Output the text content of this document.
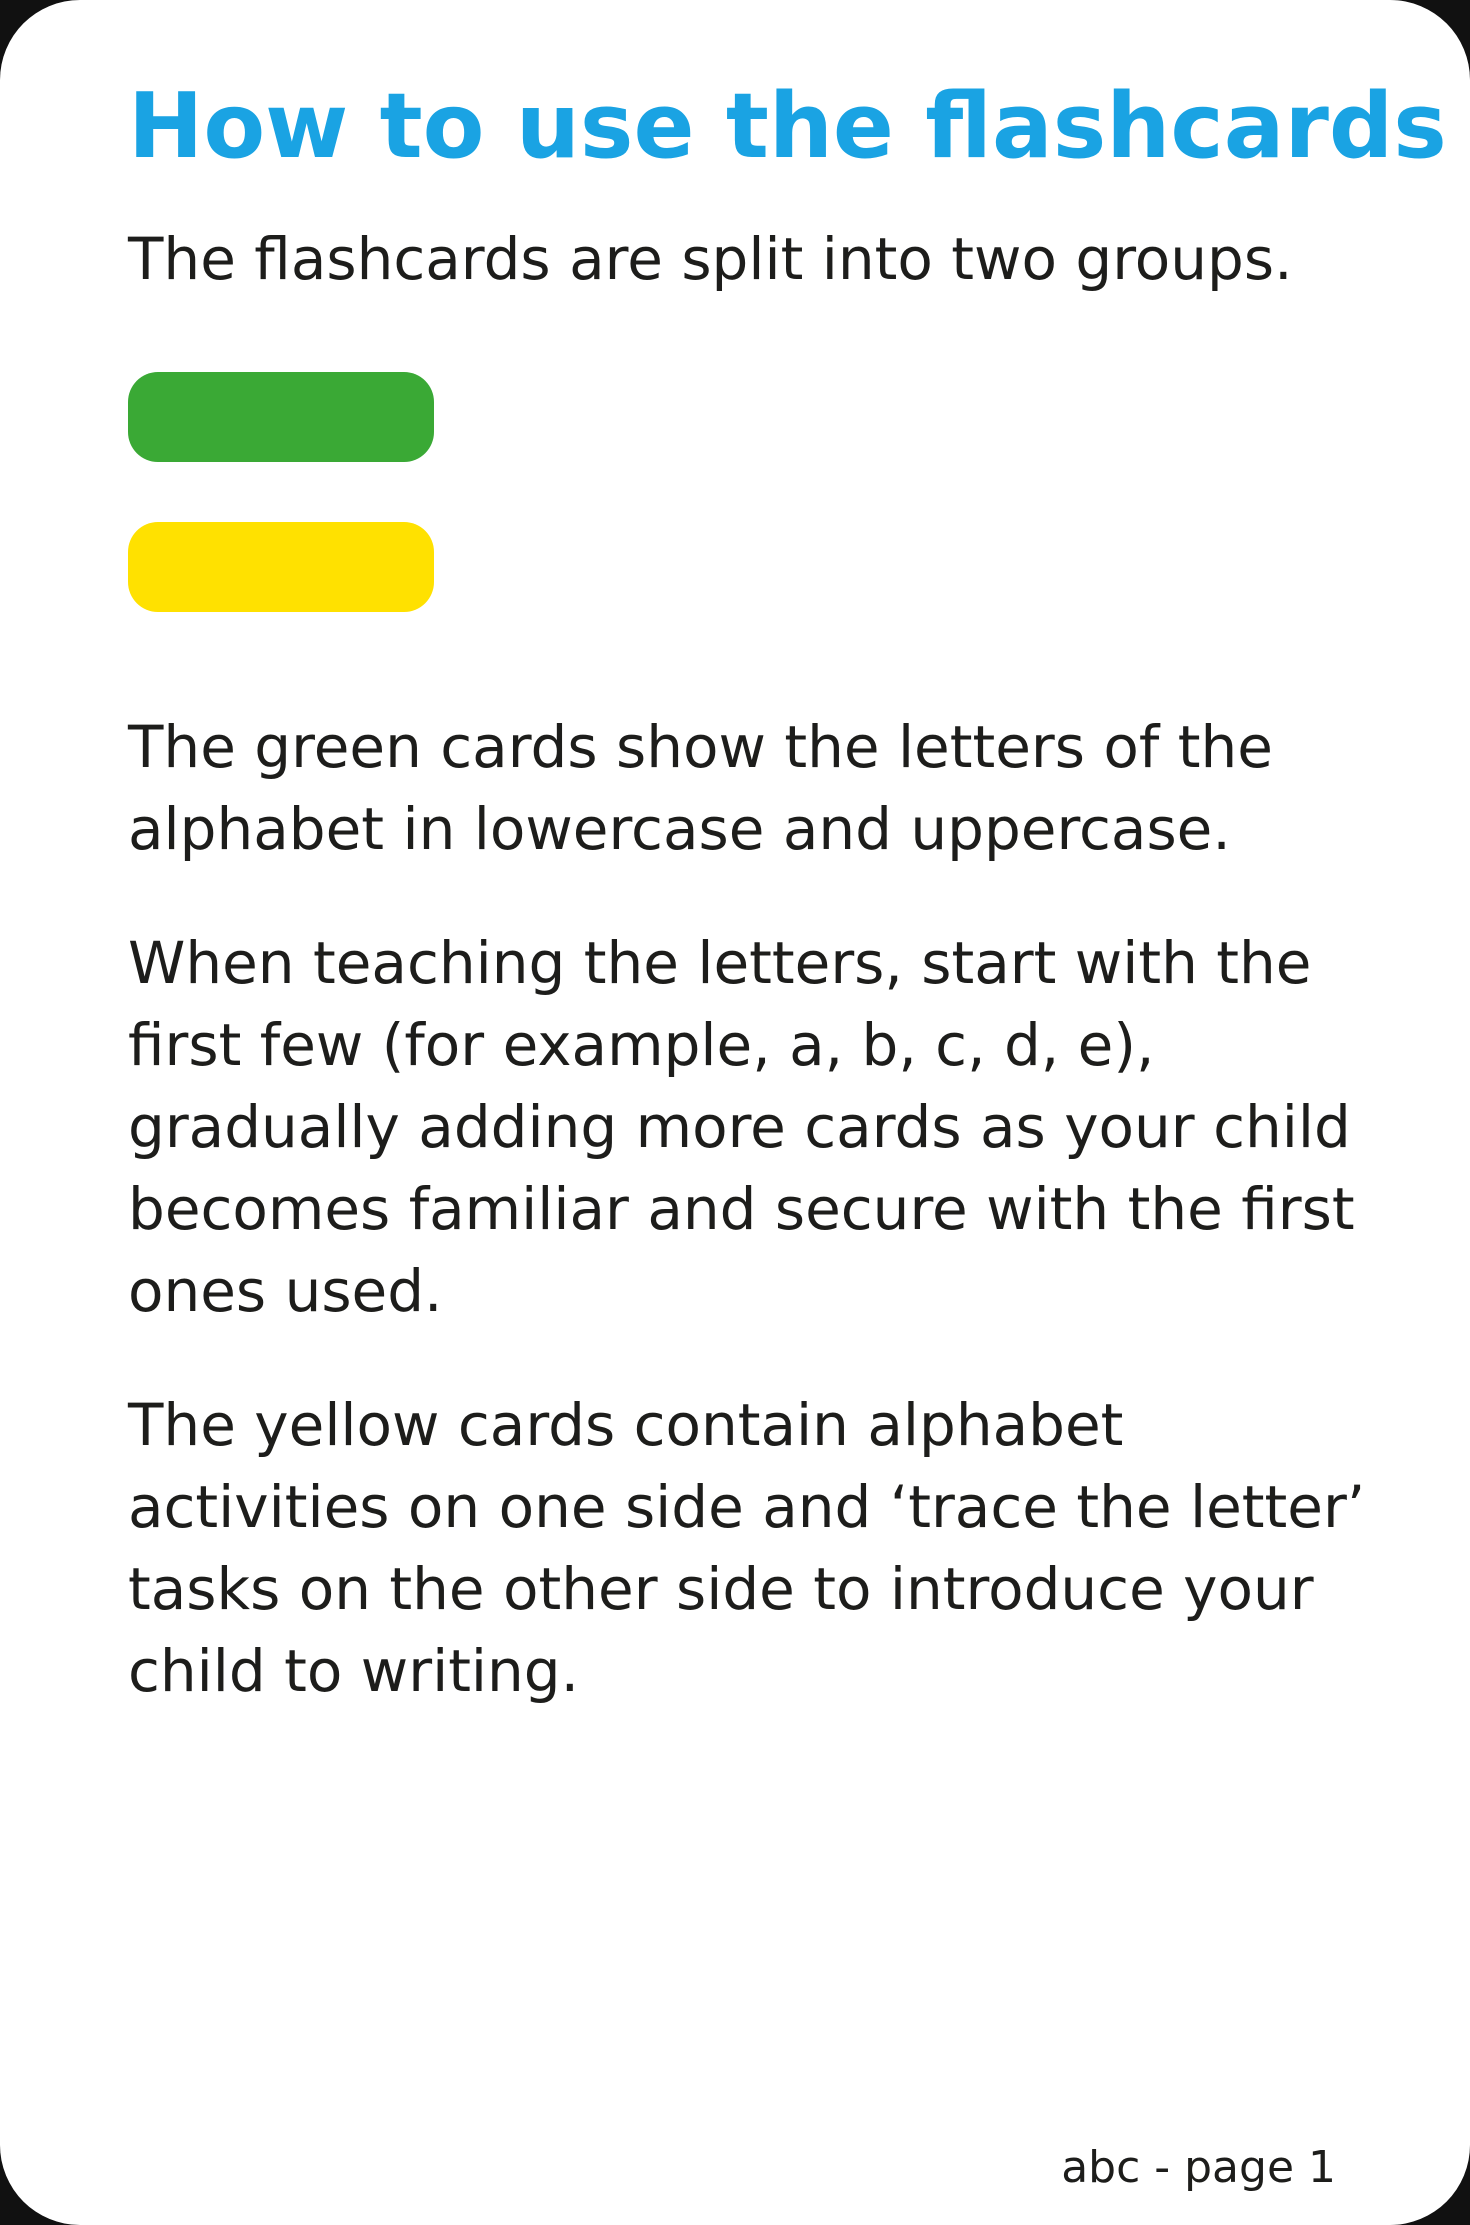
How to use the flashcards

The flashcards are split into two groups.

The green cards show the letters of the alphabet in lowercase and uppercase.

When teaching the letters, start with the first few (for example, a, b, c, d, e), gradually adding more cards as your child becomes familiar and secure with the first ones used.

The yellow cards contain alphabet activities on one side and ‘trace the letter’ tasks on the other side to introduce your child to writing.

abc - page 1
